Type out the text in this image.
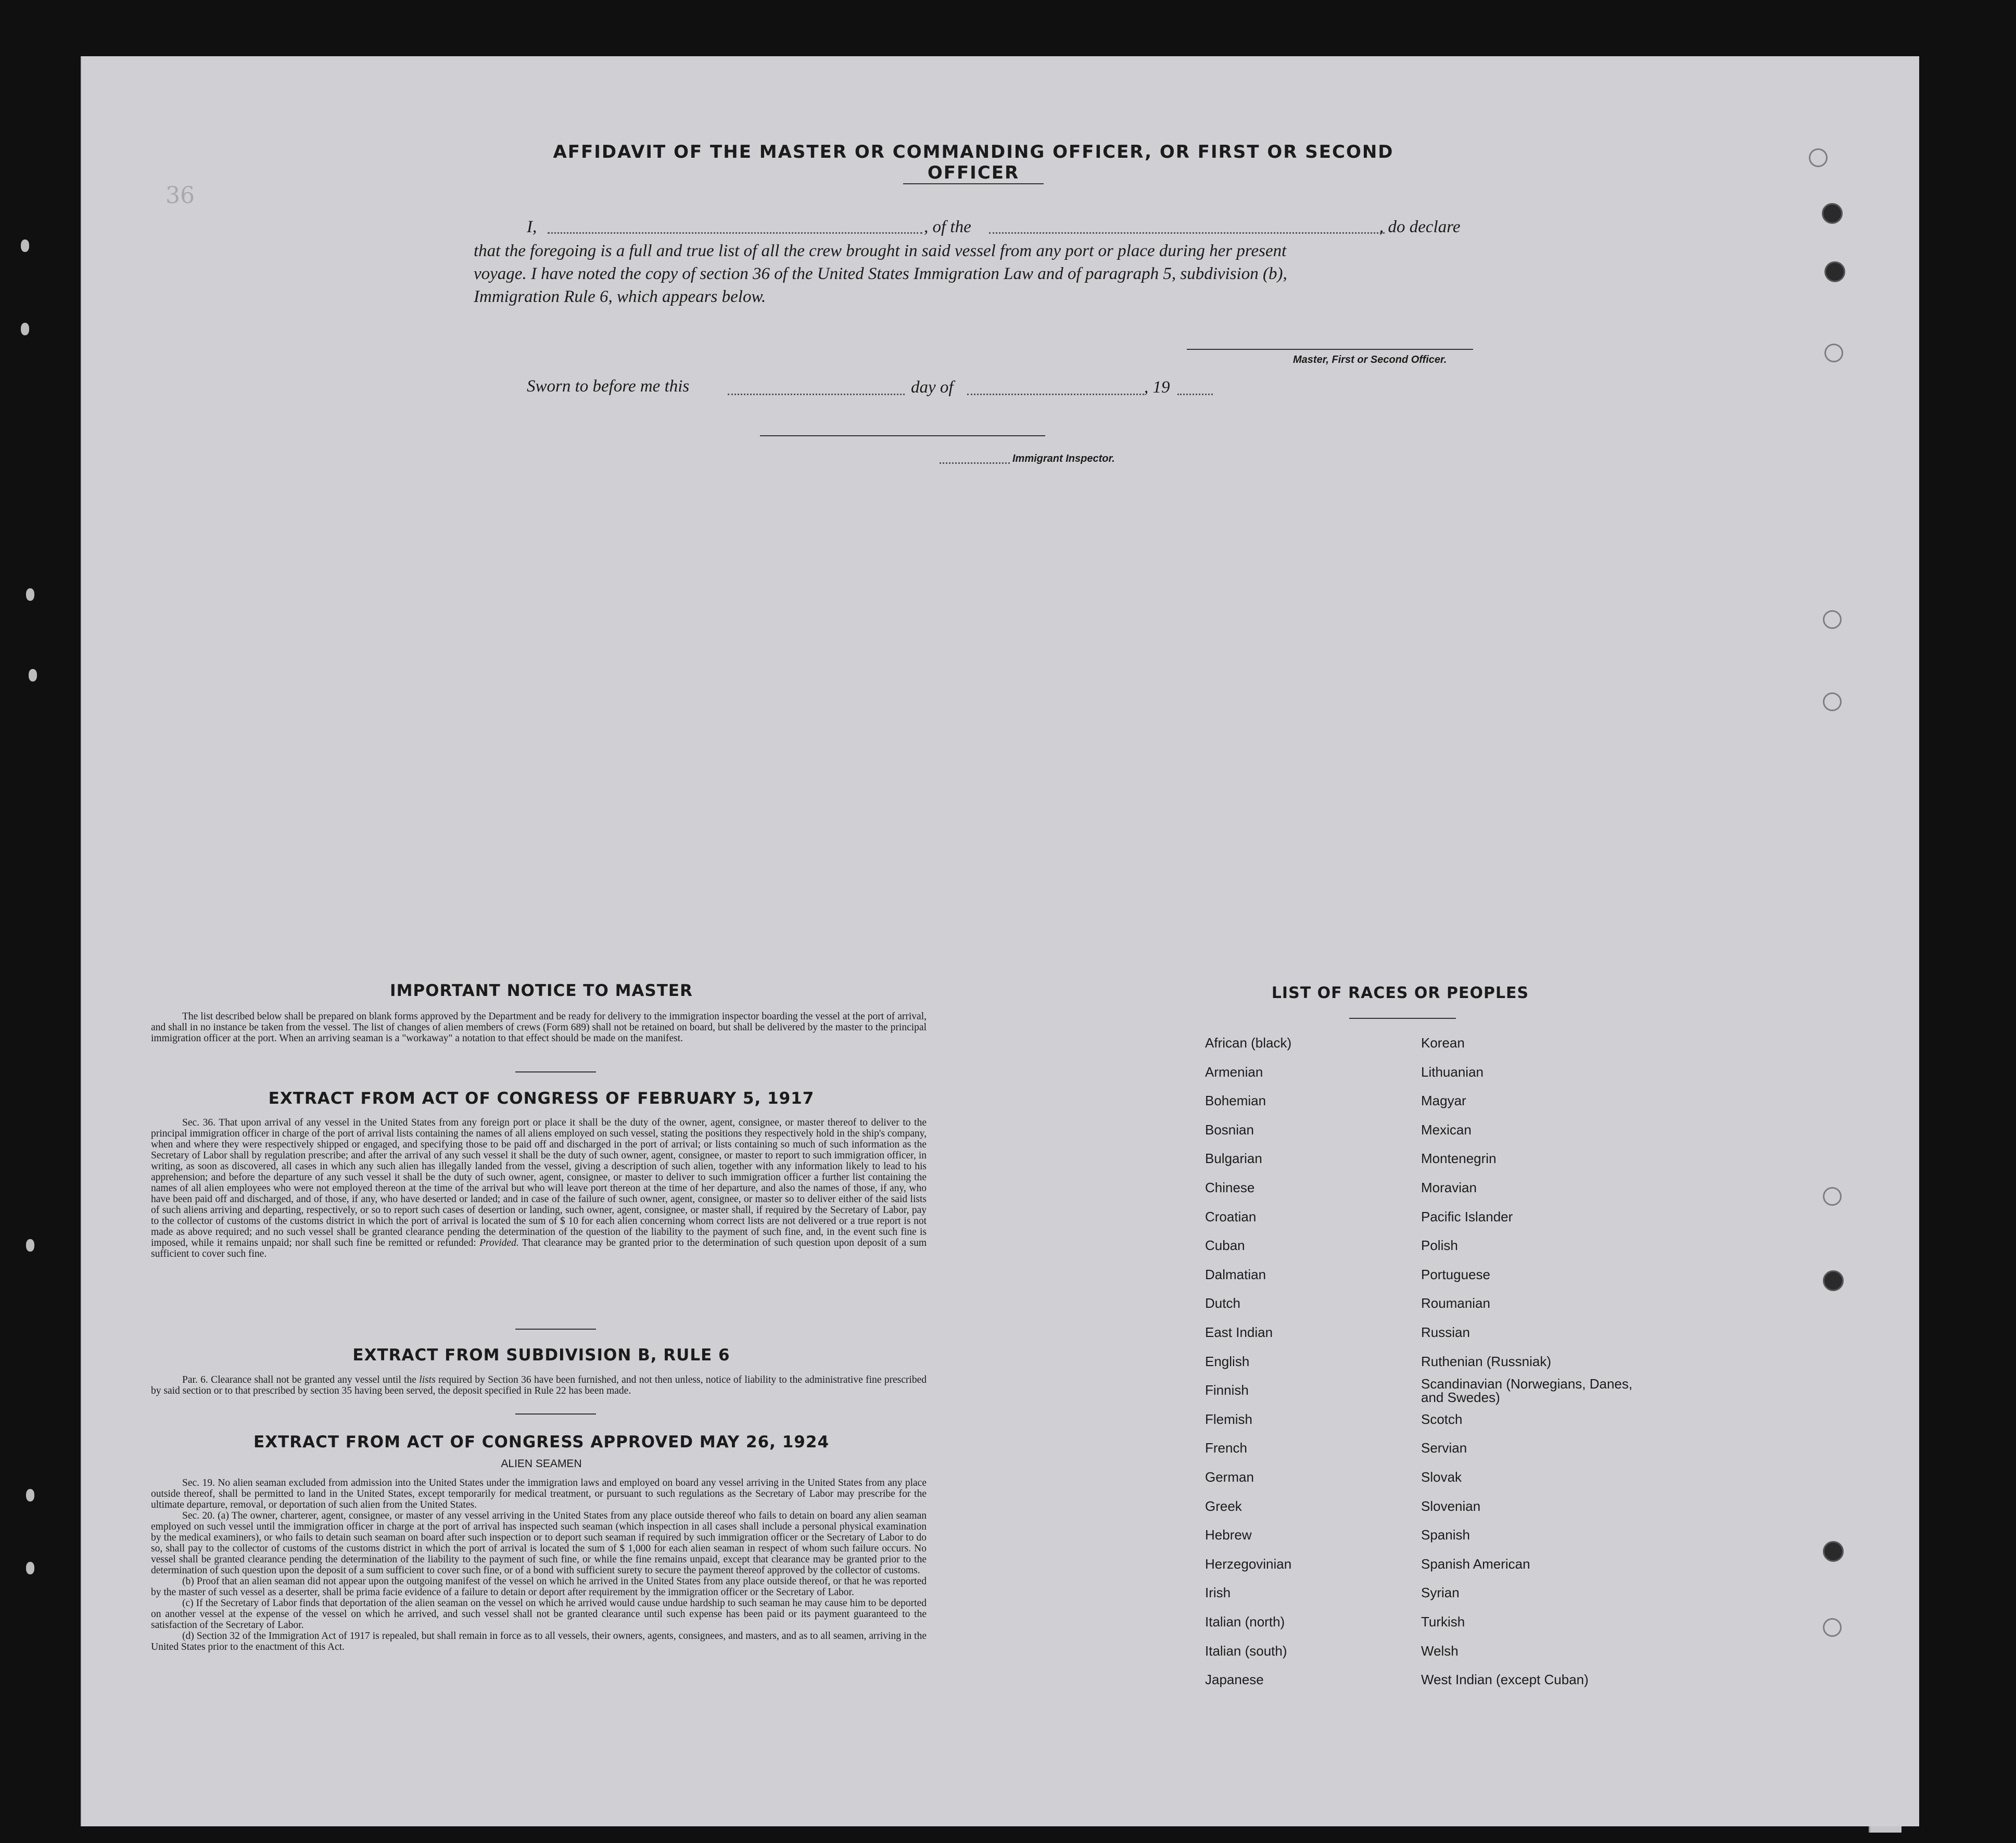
36
AFFIDAVIT OF THE MASTER OR COMMANDING OFFICER, OR FIRST OR SECOND OFFICER
I,	, of the	, do declare
that the foregoing is a full and true list of all the crew brought in said vessel from any port or place during her present
voyage. I have noted the copy of section 36 of the United States Immigration Law and of paragraph 5, subdivision (b),
Immigration Rule 6, which appears below.
Master, First or Second Officer.
Sworn to before me this	day of	, 19
Immigrant Inspector.
IMPORTANT NOTICE TO MASTER

The list described below shall be prepared on blank forms approved by the Department and be ready for delivery to the immigration inspector boarding the vessel at the port of arrival, and shall in no instance be taken from the vessel. The list of changes of alien members of crews (Form 689) shall not be retained on board, but shall be delivered by the master to the principal immigration officer at the port. When an arriving seaman is a "workaway" a notation to that effect should be made on the manifest.

EXTRACT FROM ACT OF CONGRESS OF FEBRUARY 5, 1917

Sec. 36. That upon arrival of any vessel in the United States from any foreign port or place it shall be the duty of the owner, agent, consignee, or master thereof to deliver to the principal immigration officer in charge of the port of arrival lists containing the names of all aliens employed on such vessel, stating the positions they respectively hold in the ship's company, when and where they were respectively shipped or engaged, and specifying those to be paid off and discharged in the port of arrival; or lists containing so much of such information as the Secretary of Labor shall by regulation prescribe; and after the arrival of any such vessel it shall be the duty of such owner, agent, consignee, or master to report to such immigration officer, in writing, as soon as discovered, all cases in which any such alien has illegally landed from the vessel, giving a description of such alien, together with any information likely to lead to his apprehension; and before the departure of any such vessel it shall be the duty of such owner, agent, consignee, or master to deliver to such immigration officer a further list containing the names of all alien employees who were not employed thereon at the time of the arrival but who will leave port thereon at the time of her departure, and also the names of those, if any, who have been paid off and discharged, and of those, if any, who have deserted or landed; and in case of the failure of such owner, agent, consignee, or master so to deliver either of the said lists of such aliens arriving and departing, respectively, or so to report such cases of desertion or landing, such owner, agent, consignee, or master shall, if required by the Secretary of Labor, pay to the collector of customs of the customs district in which the port of arrival is located the sum of $ 10 for each alien concerning whom correct lists are not delivered or a true report is not made as above required; and no such vessel shall be granted clearance pending the determination of the question of the liability to the payment of such fine, and, in the event such fine is imposed, while it remains unpaid; nor shall such fine be remitted or refunded: Provided. That clearance may be granted prior to the determination of such question upon deposit of a sum sufficient to cover such fine.

EXTRACT FROM SUBDIVISION B, RULE 6

Par. 6. Clearance shall not be granted any vessel until the lists required by Section 36 have been furnished, and not then unless, notice of liability to the administrative fine prescribed by said section or to that prescribed by section 35 having been served, the deposit specified in Rule 22 has been made.

EXTRACT FROM ACT OF CONGRESS APPROVED MAY 26, 1924
ALIEN SEAMEN

Sec. 19. No alien seaman excluded from admission into the United States under the immigration laws and employed on board any vessel arriving in the United States from any place outside thereof, shall be permitted to land in the United States, except temporarily for medical treatment, or pursuant to such regulations as the Secretary of Labor may prescribe for the ultimate departure, removal, or deportation of such alien from the United States.

Sec. 20. (a) The owner, charterer, agent, consignee, or master of any vessel arriving in the United States from any place outside thereof who fails to detain on board any alien seaman employed on such vessel until the immigration officer in charge at the port of arrival has inspected such seaman (which inspection in all cases shall include a personal physical examination by the medical examiners), or who fails to detain such seaman on board after such inspection or to deport such seaman if required by such immigration officer or the Secretary of Labor to do so, shall pay to the collector of customs of the customs district in which the port of arrival is located the sum of $ 1,000 for each alien seaman in respect of whom such failure occurs. No vessel shall be granted clearance pending the determination of the liability to the payment of such fine, or while the fine remains unpaid, except that clearance may be granted prior to the determination of such question upon the deposit of a sum sufficient to cover such fine, or of a bond with sufficient surety to secure the payment thereof approved by the collector of customs.

(b) Proof that an alien seaman did not appear upon the outgoing manifest of the vessel on which he arrived in the United States from any place outside thereof, or that he was reported by the master of such vessel as a deserter, shall be prima facie evidence of a failure to detain or deport after requirement by the immigration officer or the Secretary of Labor.

(c) If the Secretary of Labor finds that deportation of the alien seaman on the vessel on which he arrived would cause undue hardship to such seaman he may cause him to be deported on another vessel at the expense of the vessel on which he arrived, and such vessel shall not be granted clearance until such expense has been paid or its payment guaranteed to the satisfaction of the Secretary of Labor.

(d) Section 32 of the Immigration Act of 1917 is repealed, but shall remain in force as to all vessels, their owners, agents, consignees, and masters, and as to all seamen, arriving in the United States prior to the enactment of this Act.

LIST OF RACES OR PEOPLES
African (black)
Armenian
Bohemian
Bosnian
Bulgarian
Chinese
Croatian
Cuban
Dalmatian
Dutch
East Indian
English
Finnish
Flemish
French
German
Greek
Hebrew
Herzegovinian
Irish
Italian (north)
Italian (south)
Japanese
Korean
Lithuanian
Magyar
Mexican
Montenegrin
Moravian
Pacific Islander
Polish
Portuguese
Roumanian
Russian
Ruthenian (Russniak)
Scandinavian (Norwegians, Danes, and Swedes)
Scotch
Servian
Slovak
Slovenian
Spanish
Spanish American
Syrian
Turkish
Welsh
West Indian (except Cuban)
